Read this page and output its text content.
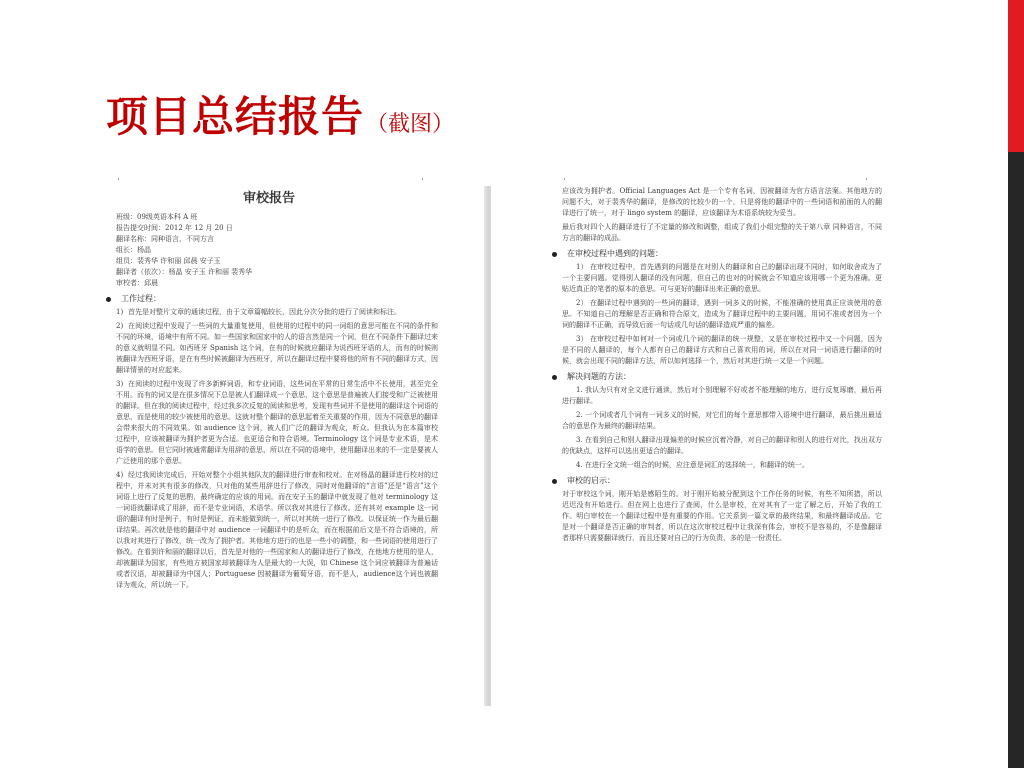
项目总结报告（截图）
审校报告
班级：09级英语本科 A 班
报告提交时间：2012 年 12 月 20 日
翻译名称：同种语言，不同方言
组长：杨晶
组员：裴秀华 许和丽 邱晨 安子玉
翻译者（依次）：杨晶 安子玉 许和丽 裴秀华
审校者：邱晨
工作过程：
1) 首先是对整片文章的通读过程，由于文章篇幅较长，因此分次分批的进行了阅读和标注。
2) 在阅读过程中发现了一些词的大量重复使用，但使用的过程中的同一词组的意思可能在不同的条件和不同的环境，语境中有所不同。如一些国家和国家中的人的语言然是同一个词，但在不同条件下翻译过来的意义就明显不同。如西班牙 Spanish 这个词，在有的时候就应翻译为说西班牙语的人，而有的时候则被翻译为西班牙语，是在有些时候被翻译为西班牙，所以在翻译过程中要将他的所有不同的翻译方式，因翻译情景的对应起来。
3) 在阅读的过程中发现了许多新鲜词语，和专业词语，这些词在平常的日常生活中不长使用，甚至完全不用。而有的词又是在很多情况下总是被人们翻译成一个意思，这个意思是普遍被人们接受和广泛被使用的翻译。但在我的阅读过程中，经过我多次反复的阅读和思考，发现有些词并不是使用的翻译这个词语的意思，而是使用的较少被使用的意思。这就对整个翻译的意思起着至关重要的作用，因为不同意思的翻译会带来很大的不同效果。如 audience 这个词，被人们广泛的翻译为观众，听众。但我认为在本篇审校过程中，应该被翻译为拥护者更为合适。也更适合和符合语境。Terminology 这个词是专业术语，是术语学的意思。但它同时被通常翻译为用辞的意思，所以在不同的语境中，使用翻译出来的不一定是要被人广泛使用的那个意思。
4) 经过我阅读完成后，开始对整个小组其他队友的翻译进行审查和校对。在对杨晶的翻译进行校对的过程中，并未对其有很多的修改，只对他的某些用辞进行了修改，同时对他翻译的“言语”还是“语言”这个词语上进行了反复的思酌，最终确定的应该的用词。而在安子玉的翻译中就发现了他对 terminology 这一词语就翻译成了用辞，而不是专业词语，术语学。所以我对其进行了修改。还有其对 example 这一词语的翻译有时是例子，有时是例证，而未能做到统一，所以对其统一进行了修改。以保证统一作为最后翻译结果。再次就是他的翻译中对 audience 一词翻译中的是听众，而在根据前后文是不符合语境的，所以我对其进行了修改，统一改为了拥护者。其他地方进行的也是一些小的调整，和一些词语的使用进行了修改。在看到许和丽的翻译以后，首先是对他的一些国家和人的翻译进行了修改，在他地方使用的是人，却被翻译为国家，有些地方被国家却被翻译为人是最大的一大误，如 Chinese 这个词应被翻译为普遍话或者汉语，却被翻译为中国人；Portuguese 因被翻译为葡萄牙语，而不是人，audience这个词也被翻译为观众，所以统一下。
应该改为拥护者。Official Languages Act 是一个专有名词，因被翻译为官方语言法案。其他地方的问题不大，对于裴秀华的翻译，是修改的比较少的一个，只是将他的翻译中的一些词语和前面的人的翻译进行了统一，对于 lingo system 的翻译，应该翻译为术语系统较为妥当。
最后我对四个人的翻译进行了不定量的修改和调整，组成了我们小组完整的关于第八章 同种语言，不同方言的翻译的成品。
在审校过程中遇到的问题：
1） 在审校过程中，首先遇到的问题是在对别人的翻译和自己的翻译出现不同时，如何取舍成为了一个主要问题。觉得别人翻译的没有问题，但自己的也对的时候就会不知道应该用哪一个更为准确。更贴近真正的笔者的原本的意思。可与更好的翻译出来正确的意思。
2） 在翻译过程中遇到的一些词的翻译，遇到一词多义的时候，不能准确的使用真正应该使用的意思。不知道自己的理解是否正确和符合原文，造成为了翻译过程中的主要问题，用词不准或者因为一个词的翻译不正确，而导致后面一句话或几句话的翻译造成严重的偏差。
3） 在审校过程中如何对一个词或几个词的翻译的统一规整，又是在审校过程中又一个问题，因为是不同的人翻译的，每个人都有自己的翻译方式和自己喜欢用的词，所以在对同一词语进行翻译的时候，就会出现不同的翻译方法，所以如何选择一个，然后对其进行统一又是一个问题。
解决问题的方法：
1. 我认为只有对全文进行通读，然后对个别理解不好或者不能理解的地方，进行反复琢磨，最后再进行翻译。
2. 一个词或者几个词有一词多义的时候，对它们的每个意思都带入语境中进行翻译，最后挑出最适合的意思作为最终的翻译结果。
3. 在看到自己和别人翻译出现偏差的时候应沉着冷静，对自己的翻译和别人的进行对比，找出双方的优缺点，这样可以选出更适合的翻译。
4. 在进行全文统一组合的时候，应注意是词汇的选择统一，和翻译的统一。
审校的启示：
对于审校这个词，刚开始是感陌生的。对于刚开始被分配到这个工作任务的时候，有些不知所措，所以迟迟没有开始进行。但在网上也进行了查阅，什么是审校，在对其有了一定了解之后，开始了我的工作。明白审校在一个翻译过程中是有重要的作用。它关系到一篇文章的最终结果，和最终翻译成品。它是对一个翻译是否正确的审判者，所以在这次审校过程中让我深有体会，审校不是容易的，不是像翻译者那样只需要翻译就行，而且还要对自己的行为负责，多的是一份责任。
